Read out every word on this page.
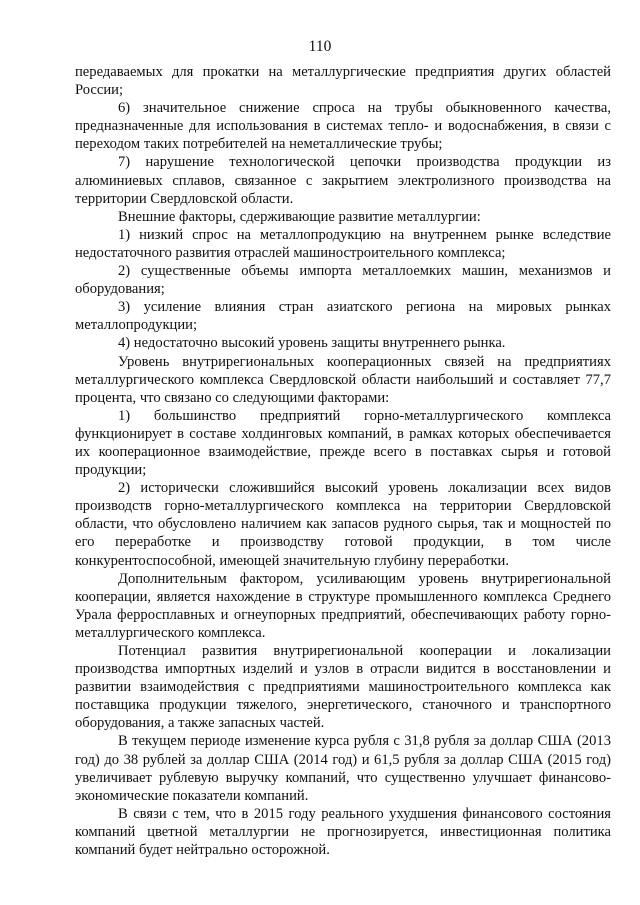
110

передаваемых для прокатки на металлургические предприятия других областей России;

6) значительное снижение спроса на трубы обыкновенного качества, предназначенные для использования в системах тепло- и водоснабжения, в связи с переходом таких потребителей на неметаллические трубы;

7) нарушение технологической цепочки производства продукции из алюминиевых сплавов, связанное с закрытием электролизного производства на территории Свердловской области.

Внешние факторы, сдерживающие развитие металлургии:

1) низкий спрос на металлопродукцию на внутреннем рынке вследствие недостаточного развития отраслей машиностроительного комплекса;

2) существенные объемы импорта металлоемких машин, механизмов и оборудования;

3) усиление влияния стран азиатского региона на мировых рынках металлопродукции;

4) недостаточно высокий уровень защиты внутреннего рынка.

Уровень внутрирегиональных кооперационных связей на предприятиях металлургического комплекса Свердловской области наибольший и составляет 77,7 процента, что связано со следующими факторами:

1) большинство предприятий горно-металлургического комплекса функционирует в составе холдинговых компаний, в рамках которых обеспечивается их кооперационное взаимодействие, прежде всего в поставках сырья и готовой продукции;

2) исторически сложившийся высокий уровень локализации всех видов производств горно-металлургического комплекса на территории Свердловской области, что обусловлено наличием как запасов рудного сырья, так и мощностей по его переработке и производству готовой продукции, в том числе конкурентоспособной, имеющей значительную глубину переработки.

Дополнительным фактором, усиливающим уровень внутрирегиональной кооперации, является нахождение в структуре промышленного комплекса Среднего Урала ферросплавных и огнеупорных предприятий, обеспечивающих работу горно-металлургического комплекса.

Потенциал развития внутрирегиональной кооперации и локализации производства импортных изделий и узлов в отрасли видится в восстановлении и развитии взаимодействия с предприятиями машиностроительного комплекса как поставщика продукции тяжелого, энергетического, станочного и транспортного оборудования, а также запасных частей.

В текущем периоде изменение курса рубля с 31,8 рубля за доллар США (2013 год) до 38 рублей за доллар США (2014 год) и 61,5 рубля за доллар США (2015 год) увеличивает рублевую выручку компаний, что существенно улучшает финансово-экономические показатели компаний.

В связи с тем, что в 2015 году реального ухудшения финансового состояния компаний цветной металлургии не прогнозируется, инвестиционная политика компаний будет нейтрально осторожной.
